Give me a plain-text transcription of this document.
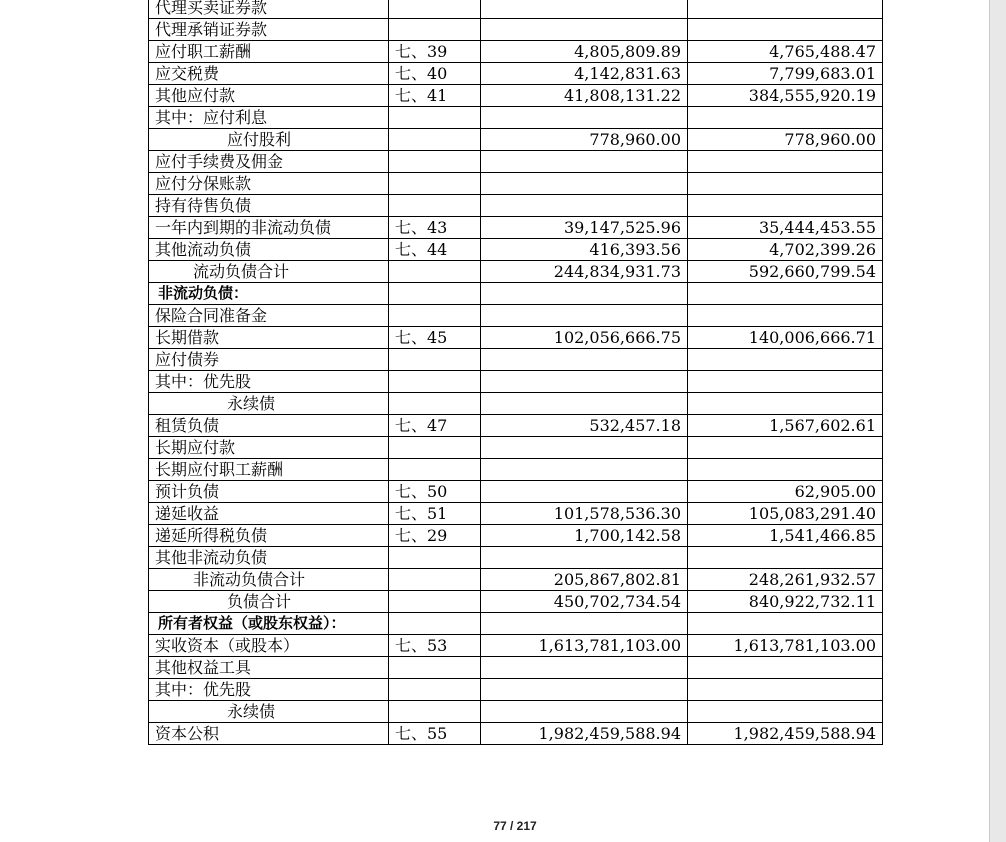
代理买卖证券款			
代理承销证券款			
应付职工薪酬	七、39	4,805,809.89	4,765,488.47
应交税费	七、40	4,142,831.63	7,799,683.01
其他应付款	七、41	41,808,131.22	384,555,920.19
其中：应付利息			
应付股利		778,960.00	778,960.00
应付手续费及佣金			
应付分保账款			
持有待售负债			
一年内到期的非流动负债	七、43	39,147,525.96	35,444,453.55
其他流动负债	七、44	416,393.56	4,702,399.26
流动负债合计		244,834,931.73	592,660,799.54
非流动负债：			
保险合同准备金			
长期借款	七、45	102,056,666.75	140,006,666.71
应付债券			
其中：优先股			
永续债			
租赁负债	七、47	532,457.18	1,567,602.61
长期应付款			
长期应付职工薪酬			
预计负债	七、50		62,905.00
递延收益	七、51	101,578,536.30	105,083,291.40
递延所得税负债	七、29	1,700,142.58	1,541,466.85
其他非流动负债			
非流动负债合计		205,867,802.81	248,261,932.57
负债合计		450,702,734.54	840,922,732.11
所有者权益（或股东权益）：			
实收资本（或股本）	七、53	1,613,781,103.00	1,613,781,103.00
其他权益工具			
其中：优先股			
永续债			
资本公积	七、55	1,982,459,588.94	1,982,459,588.94
77 / 217
